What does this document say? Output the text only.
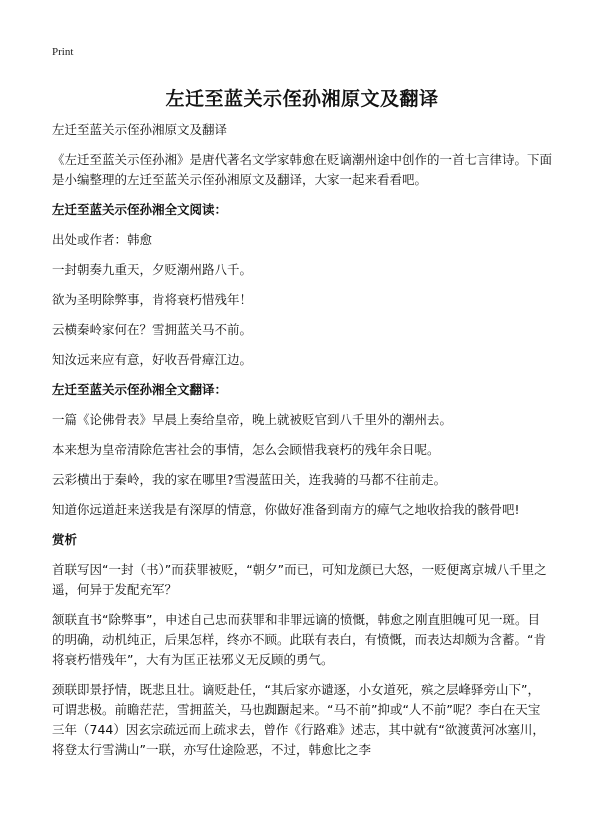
Print
左迁至蓝关示侄孙湘原文及翻译

左迁至蓝关示侄孙湘原文及翻译

《左迁至蓝关示侄孙湘》是唐代著名文学家韩愈在贬谪潮州途中创作的一首七言律诗。下面是小编整理的左迁至蓝关示侄孙湘原文及翻译，大家一起来看看吧。

左迁至蓝关示侄孙湘全文阅读：

出处或作者：韩愈

一封朝奏九重天，夕贬潮州路八千。

欲为圣明除弊事，肯将衰朽惜残年！

云横秦岭家何在？雪拥蓝关马不前。

知汝远来应有意，好收吾骨瘴江边。

左迁至蓝关示侄孙湘全文翻译：

一篇《论佛骨表》早晨上奏给皇帝，晚上就被贬官到八千里外的潮州去。

本来想为皇帝清除危害社会的事情，怎么会顾惜我衰朽的残年余日呢。

云彩横出于秦岭，我的家在哪里?雪漫蓝田关，连我骑的马都不往前走。

知道你远道赶来送我是有深厚的情意，你做好准备到南方的瘴气之地收拾我的骸骨吧!

赏析

首联写因“一封（书）”而获罪被贬，“朝夕”而已，可知龙颜已大怒，一贬便离京城八千里之遥，何异于发配充军？

颔联直书“除弊事”，申述自己忠而获罪和非罪远谪的愤慨，韩愈之刚直胆魄可见一斑。目的明确，动机纯正，后果怎样，终亦不顾。此联有表白，有愤慨，而表达却颇为含蓄。“肯将衰朽惜残年”，大有为匡正祛邪义无反顾的勇气。

颈联即景抒情，既悲且壮。谪贬赴任，“其后家亦谴逐，小女道死，殡之层峰驿旁山下”，可谓悲极。前瞻茫茫，雪拥蓝关，马也踟蹰起来。“马不前”抑或“人不前”呢？李白在天宝三年（744）因玄宗疏远而上疏求去，曾作《行路难》述志，其中就有“欲渡黄河冰塞川，将登太行雪满山”一联，亦写仕途险恶，不过，韩愈比之李
